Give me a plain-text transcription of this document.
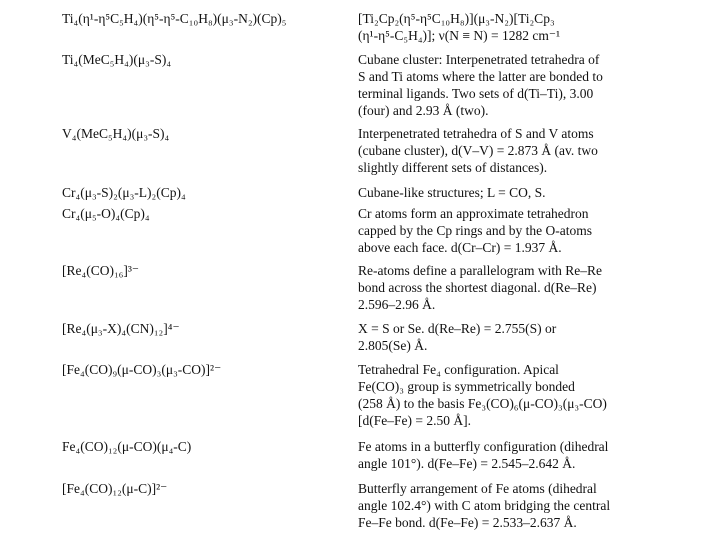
Ti₄(η¹-η⁵C₅H₄)(η⁵-η⁵-C₁₀H₈)(μ₃-N₂)(Cp)₅	[Ti₂Cp₂(η⁵-η⁵C₁₀H₈)](μ₃-N₂)[Ti₂Cp₃
(η¹-η⁵-C₅H₄)]; ν(N ≡ N) = 1282 cm⁻¹
Ti₄(MeC₅H₄)(μ₃-S)₄	Cubane cluster: Interpenetrated tetrahedra of
S and Ti atoms where the latter are bonded to
terminal ligands. Two sets of d(Ti–Ti), 3.00
(four) and 2.93 Å (two).
V₄(MeC₅H₄)(μ₃-S)₄	Interpenetrated tetrahedra of S and V atoms
(cubane cluster), d(V–V) = 2.873 Å (av. two
slightly different sets of distances).
Cr₄(μ₃-S)₂(μ₃-L)₂(Cp)₄	Cubane-like structures; L = CO, S.
Cr₄(μ₅-O)₄(Cp)₄	Cr atoms form an approximate tetrahedron
capped by the Cp rings and by the O-atoms
above each face. d(Cr–Cr) = 1.937 Å.
[Re₄(CO)₁₆]³⁻	Re-atoms define a parallelogram with Re–Re
bond across the shortest diagonal. d(Re–Re)
2.596–2.96 Å.
[Re₄(μ₃-X)₄(CN)₁₂]⁴⁻	X = S or Se. d(Re–Re) = 2.755(S) or
2.805(Se) Å.
[Fe₄(CO)₉(μ-CO)₃(μ₃-CO)]²⁻	Tetrahedral Fe₄ configuration. Apical
Fe(CO)₃ group is symmetrically bonded
(258 Å) to the basis Fe₃(CO)₆(μ-CO)₃(μ₃-CO)
[d(Fe–Fe) = 2.50 Å].
Fe₄(CO)₁₂(μ-CO)(μ₄-C)	Fe atoms in a butterfly configuration (dihedral
angle 101°). d(Fe–Fe) = 2.545–2.642 Å.
[Fe₄(CO)₁₂(μ-C)]²⁻	Butterfly arrangement of Fe atoms (dihedral
angle 102.4°) with C atom bridging the central
Fe–Fe bond. d(Fe–Fe) = 2.533–2.637 Å.
